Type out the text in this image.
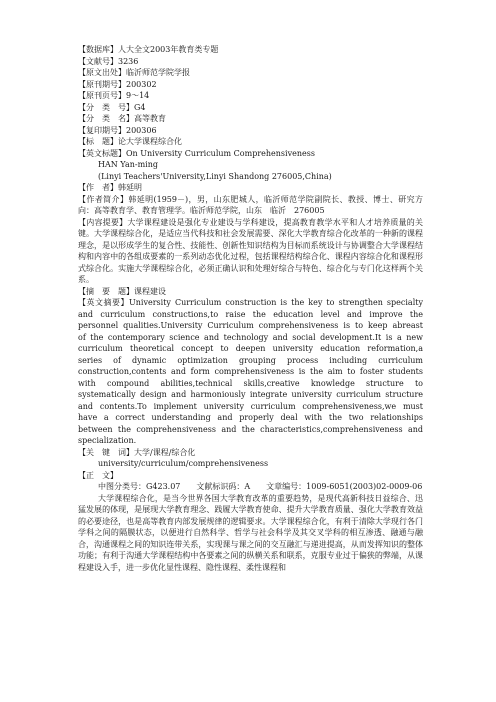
【数据库】人大全文2003年教育类专题
【文献号】3236
【原文出处】临沂师范学院学报
【原刊期号】200302
【原刊页号】9～14
【分　类　号】G4
【分　类　名】高等教育
【复印期号】200306
【标　题】论大学课程综合化
【英文标题】On University Curriculum Comprehensiveness
HAN Yan-ming
(Linyi Teachers'University,Linyi Shandong 276005,China)
【作　者】韩延明
【作者简介】韩延明(1959－)，男，山东肥城人，临沂师范学院副院长、教授、博士、研究方向：高等教育学、教育管理学。临沂师范学院，山东　临沂　276005
【内容提要】大学课程建设是强化专业建设与学科建设，提高教育教学水平和人才培养质量的关键。大学课程综合化，是适应当代科技和社会发展需要、深化大学教育综合化改革的一种新的课程理念，是以形成学生的复合性、技能性、创新性知识结构为目标而系统设计与协调整合大学课程结构和内容中的各组成要素的一系列动态优化过程，包括课程结构综合化、课程内容综合化和课程形式综合化。实施大学课程综合化，必须正确认识和处理好综合与特色、综合化与专门化这样两个关系。
【摘　要　题】课程建设
【英文摘要】University Curriculum construction is the key to strengthen specialty and curriculum constructions,to raise the education level and improve the personnel qualities.University Curriculum comprehensiveness is to keep abreast of the contemporary science and technology and social development.It is a new curriculum theoretical concept to deepen university education reformation,a series of dynamic optimization grouping process including curriculum construction,contents and form comprehensiveness is the aim to foster students with compound abilities,technical skills,creative knowledge structure to systematically design and harmoniously integrate university curriculum structure and contents.To implement university curriculum comprehensiveness,we must have a correct understanding and properly deal with the two relationships between the comprehensiveness and the characteristics,comprehensiveness and specialization.
【关　键　词】大学/课程/综合化
university/curriculum/comprehensiveness
【正　文】
中图分类号：G423.07　　文献标识码：A　　文章编号：1009-6051(2003)02-0009-06
大学课程综合化，是当今世界各国大学教育改革的重要趋势，是现代高新科技日益综合、迅猛发展的体现，是展现大学教育理念、践履大学教育使命、提升大学教育质量、强化大学教育效益的必要途径，也是高等教育内部发展规律的逻辑要求。大学课程综合化，有利于清除大学现行各门学科之间的隔膜状态，以便进行自然科学、哲学与社会科学及其交叉学科的相互渗透、融通与融合，沟通课程之间的知识连带关系，实现课与课之间的交互融汇与递进提高，从而发挥知识的整体功能；有利于沟通大学课程结构中各要素之间的纵横关系和联系，克服专业过于偏狭的弊端，从课程建设入手，进一步优化显性课程、隐性课程、柔性课程和
